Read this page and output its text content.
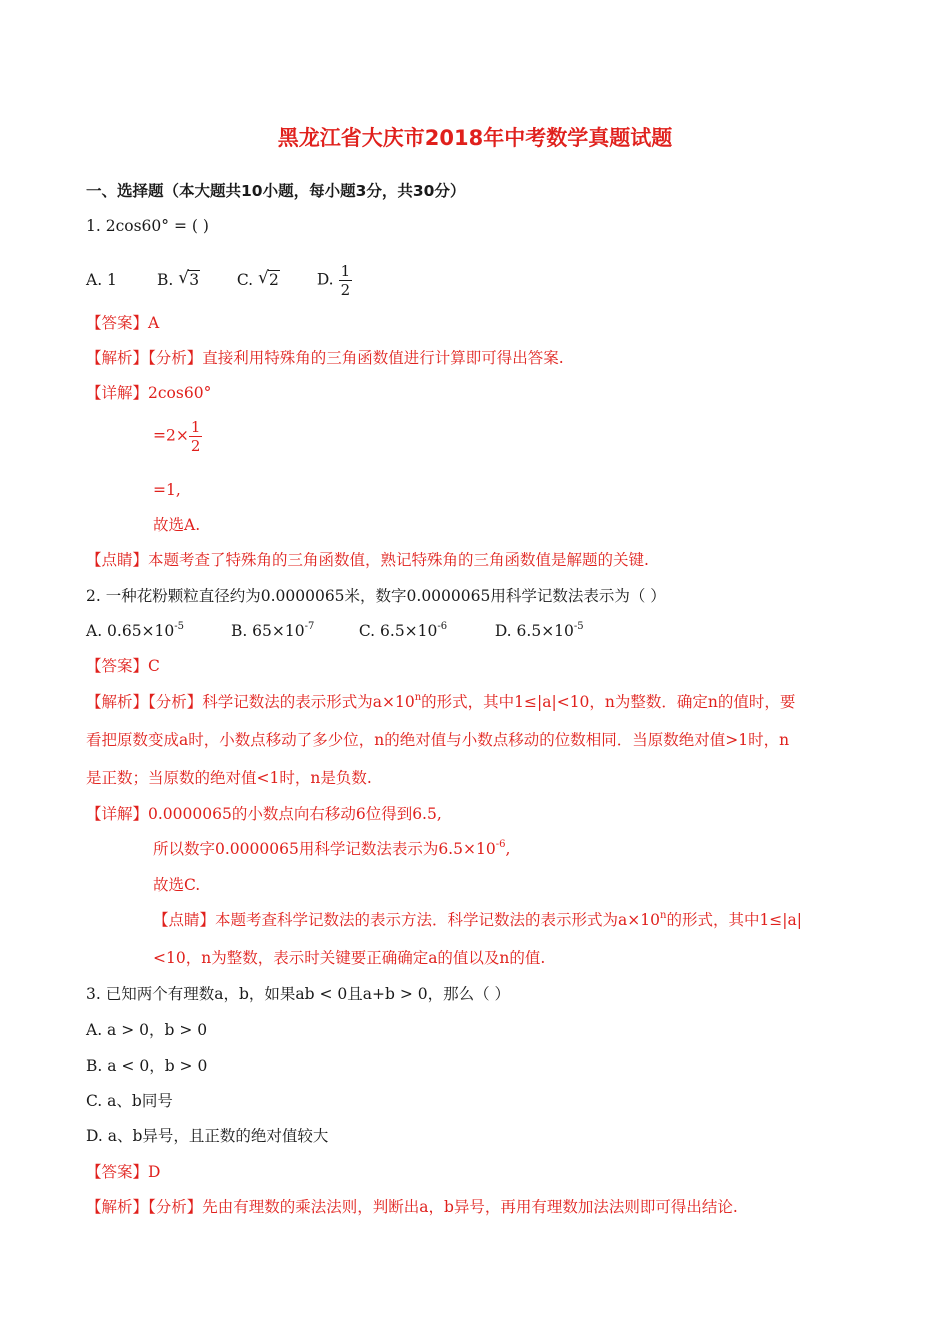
黑龙江省大庆市2018年中考数学真题试题
一、选择题（本大题共10小题，每小题3分，共30分）
1. 2cos60° = ( )
A. 1	B. √ 3 C. √ 2 D. $\frac{1}{2}$
【答案】A
【解析】【分析】直接利用特殊角的三角函数值进行计算即可得出答案.
【详解】2cos60°
$=2\times \frac{1}{2}$
=1,
故选A.
【点睛】本题考查了特殊角的三角函数值，熟记特殊角的三角函数值是解题的关键.
2. 一种花粉颗粒直径约为0.0000065米，数字0.0000065用科学记数法表示为（ ）
A. $0.65\times 10^{-5}$	B. $65\times 10^{-7}$	C. $6.5\times 10^{-6}$	D. $6.5\times 10^{-5}$
【答案】C
【解析】【分析】科学记数法的表示形式为$a\times 10^n$的形式，其中1≤|a|<10，n为整数．确定n的值时，要
看把原数变成a时，小数点移动了多少位，n的绝对值与小数点移动的位数相同．当原数绝对值>1时，n
是正数；当原数的绝对值<1时，n是负数.
【详解】0.0000065的小数点向右移动6位得到6.5,
所以数字0.0000065用科学记数法表示为$6.5\times 10^{-6}$,
故选C.
【点睛】本题考查科学记数法的表示方法．科学记数法的表示形式为$a\times 10^n$的形式，其中1≤|a|
<10，n为整数，表示时关键要正确确定a的值以及n的值.
3. 已知两个有理数a，b，如果ab < 0且a+b > 0，那么（ ）
A. a > 0，b > 0
B. a < 0，b > 0
C. a、b同号
D. a、b异号，且正数的绝对值较大
【答案】D
【解析】【分析】先由有理数的乘法法则，判断出a，b异号，再用有理数加法法则即可得出结论.
